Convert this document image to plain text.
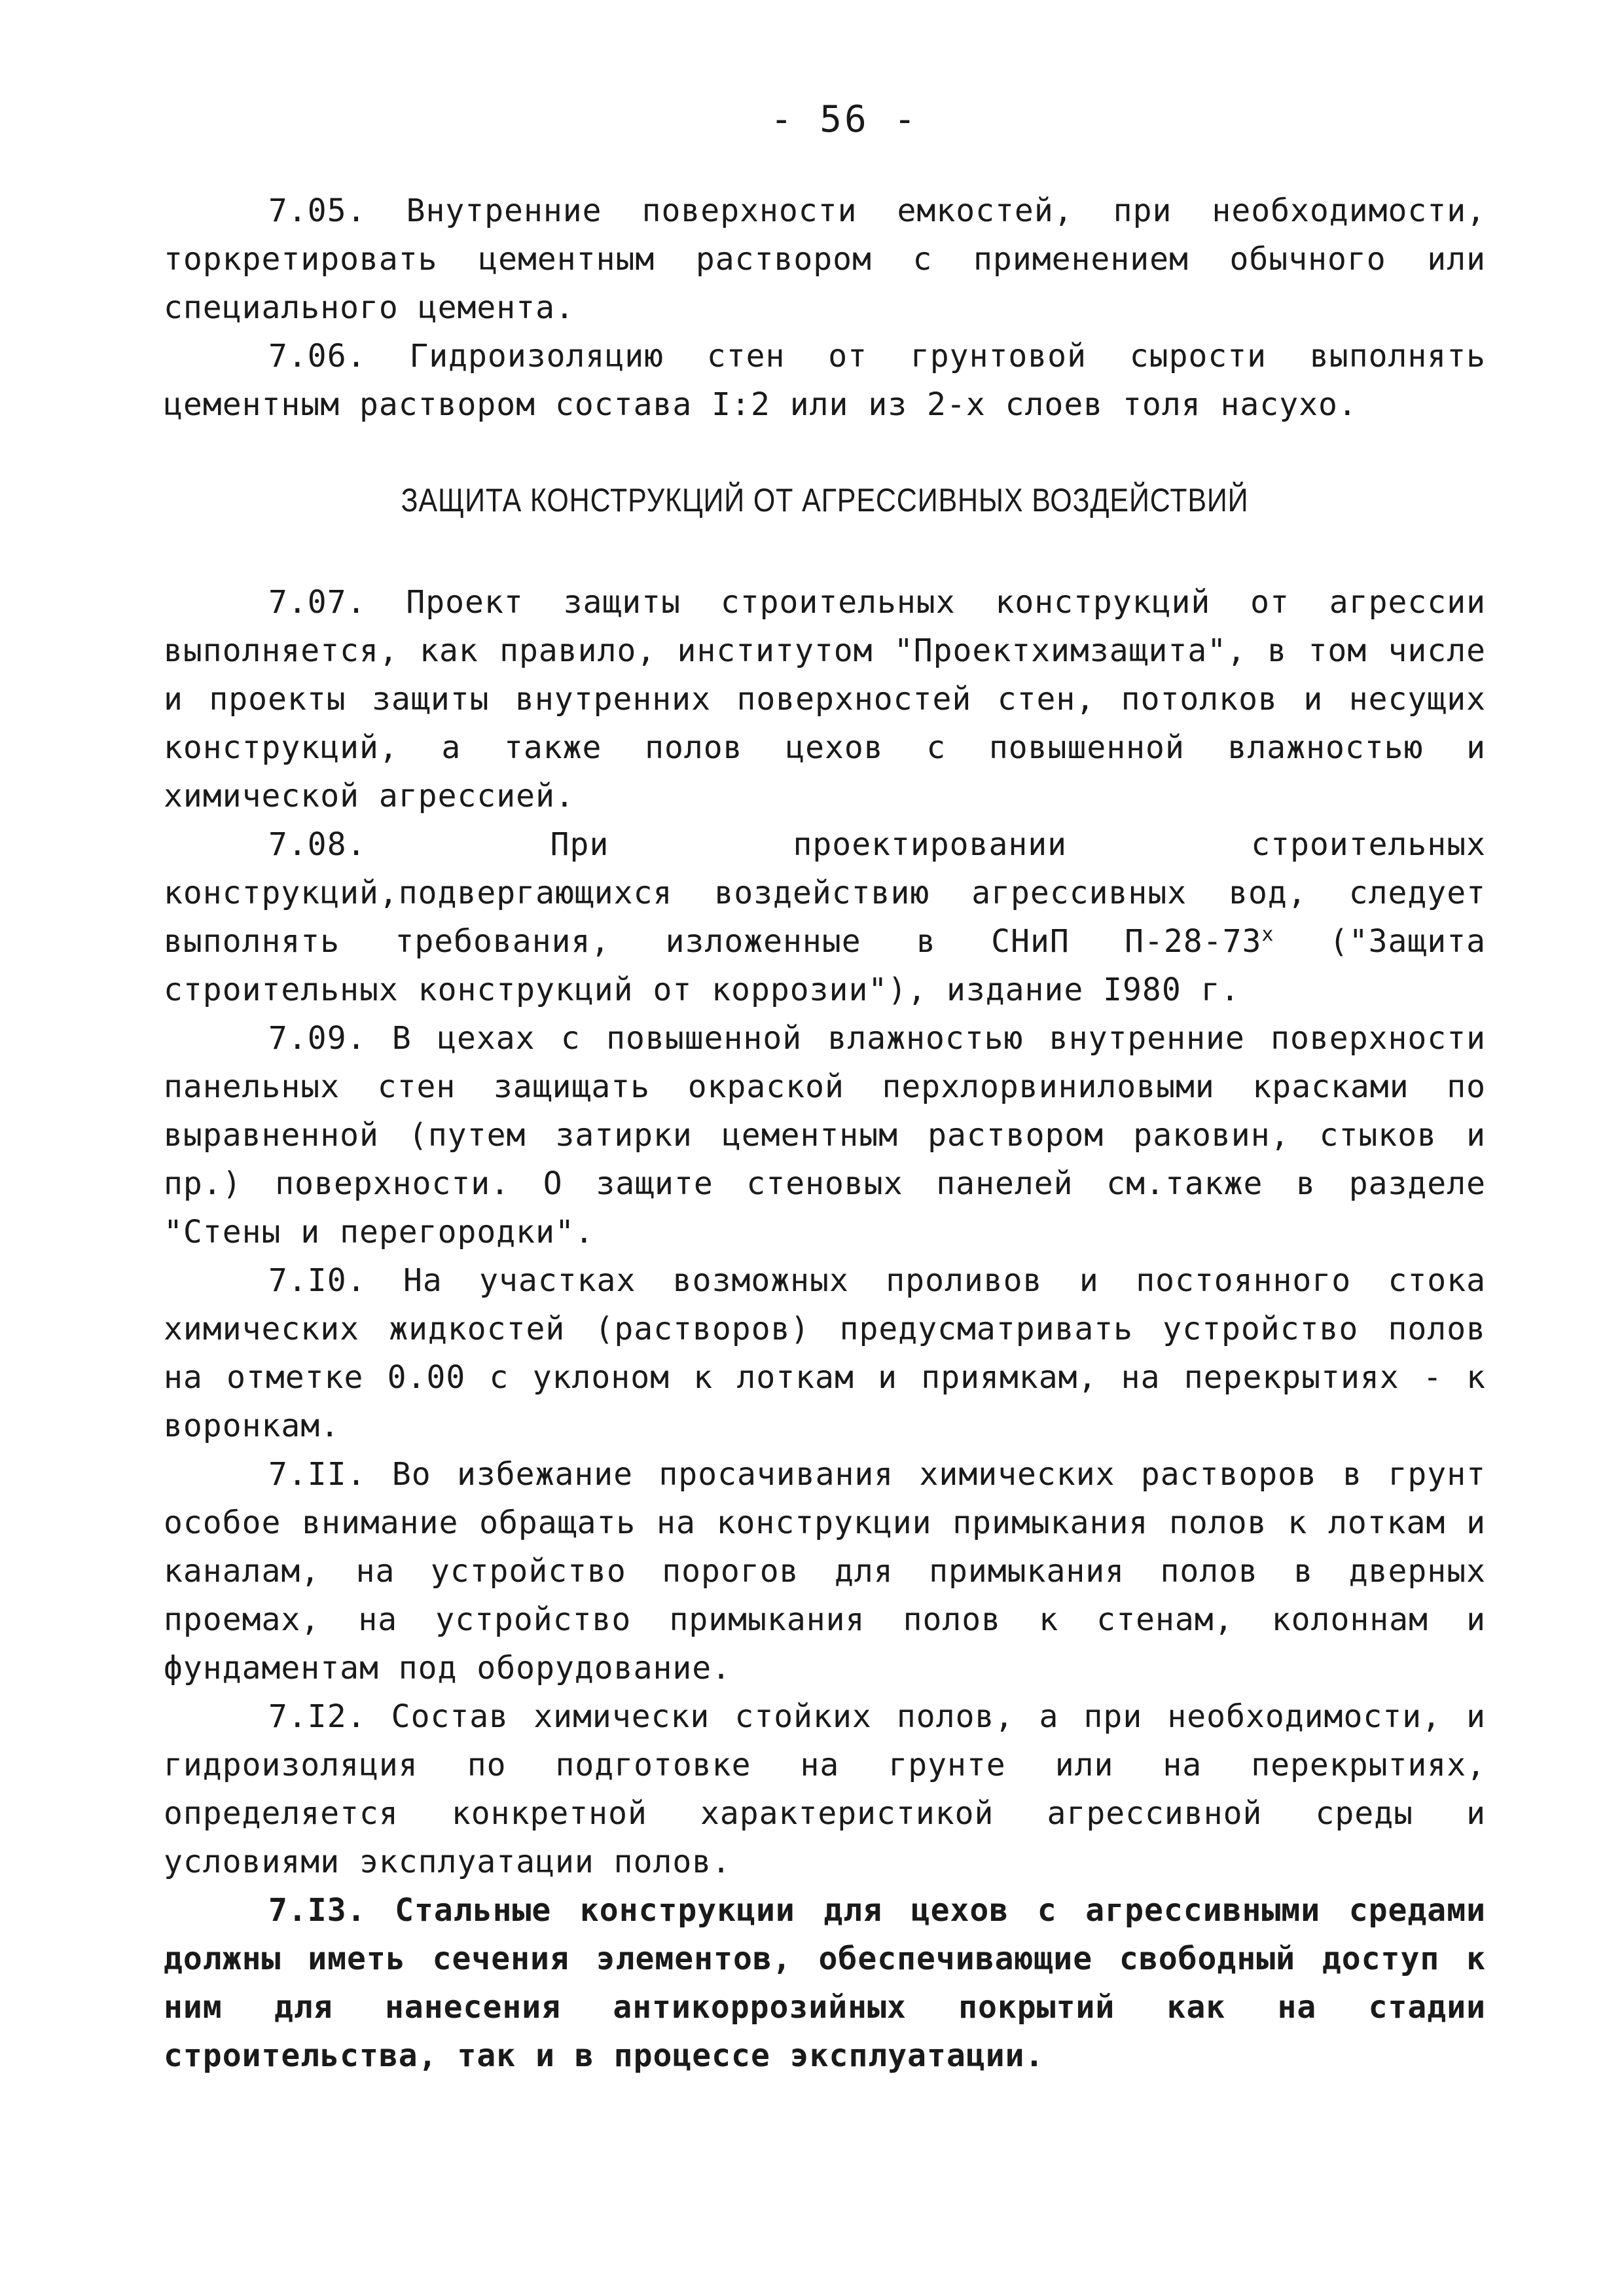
- 56 -

7.05. Внутренние поверхности емкостей, при необходимости, торкретировать цементным раствором с применением обычного или специального цемента.

7.06. Гидроизоляцию стен от грунтовой сырости выполнять цементным раствором состава I:2 или из 2-х слоев толя насухо.

ЗАЩИТА КОНСТРУКЦИЙ ОТ АГРЕССИВНЫХ ВОЗДЕЙСТВИЙ

7.07. Проект защиты строительных конструкций от агрессии выполняется, как правило, институтом "Проектхимзащита", в том числе и проекты защиты внутренних поверхностей стен, потолков и несущих конструкций, а также полов цехов с повышенной влажностью и химической агрессией.

7.08.	При проектировании строительных конструкций,подвергающихся воздействию агрессивных вод, следует выполнять требования, изложенные в СНиП $П-28-73^х$ ("Защита строительных конструкций от коррозии"), издание I980 г.

7.09. В цехах с повышенной влажностью внутренние поверхности панельных стен защищать окраской перхлорвиниловыми красками по выравненной (путем затирки цементным раствором раковин, стыков и пр.) поверхности. О защите стеновых панелей см.также в разделе "Стены и перегородки".

7.I0. На участках возможных проливов и постоянного стока химических жидкостей (растворов) предусматривать устройство полов на отметке 0.00 с уклоном к лоткам и приямкам, на перекрытиях - к воронкам.

7.II. Во избежание просачивания химических растворов в грунт особое внимание обращать на конструкции примыкания полов к лоткам и каналам, на устройство порогов для примыкания полов в дверных проемах, на устройство примыкания полов к стенам, колоннам и фундаментам под оборудование.

7.I2. Состав химически стойких полов, а при необходимости, и гидроизоляция по подготовке на грунте или на перекрытиях, определяется конкретной характеристикой агрессивной среды и условиями эксплуатации полов.

7.I3. Стальные конструкции для цехов с агрессивными средами должны иметь сечения элементов, обеспечивающие свободный доступ к ним для нанесения антикоррозийных покрытий как на стадии строительства, так и в процессе эксплуатации.
